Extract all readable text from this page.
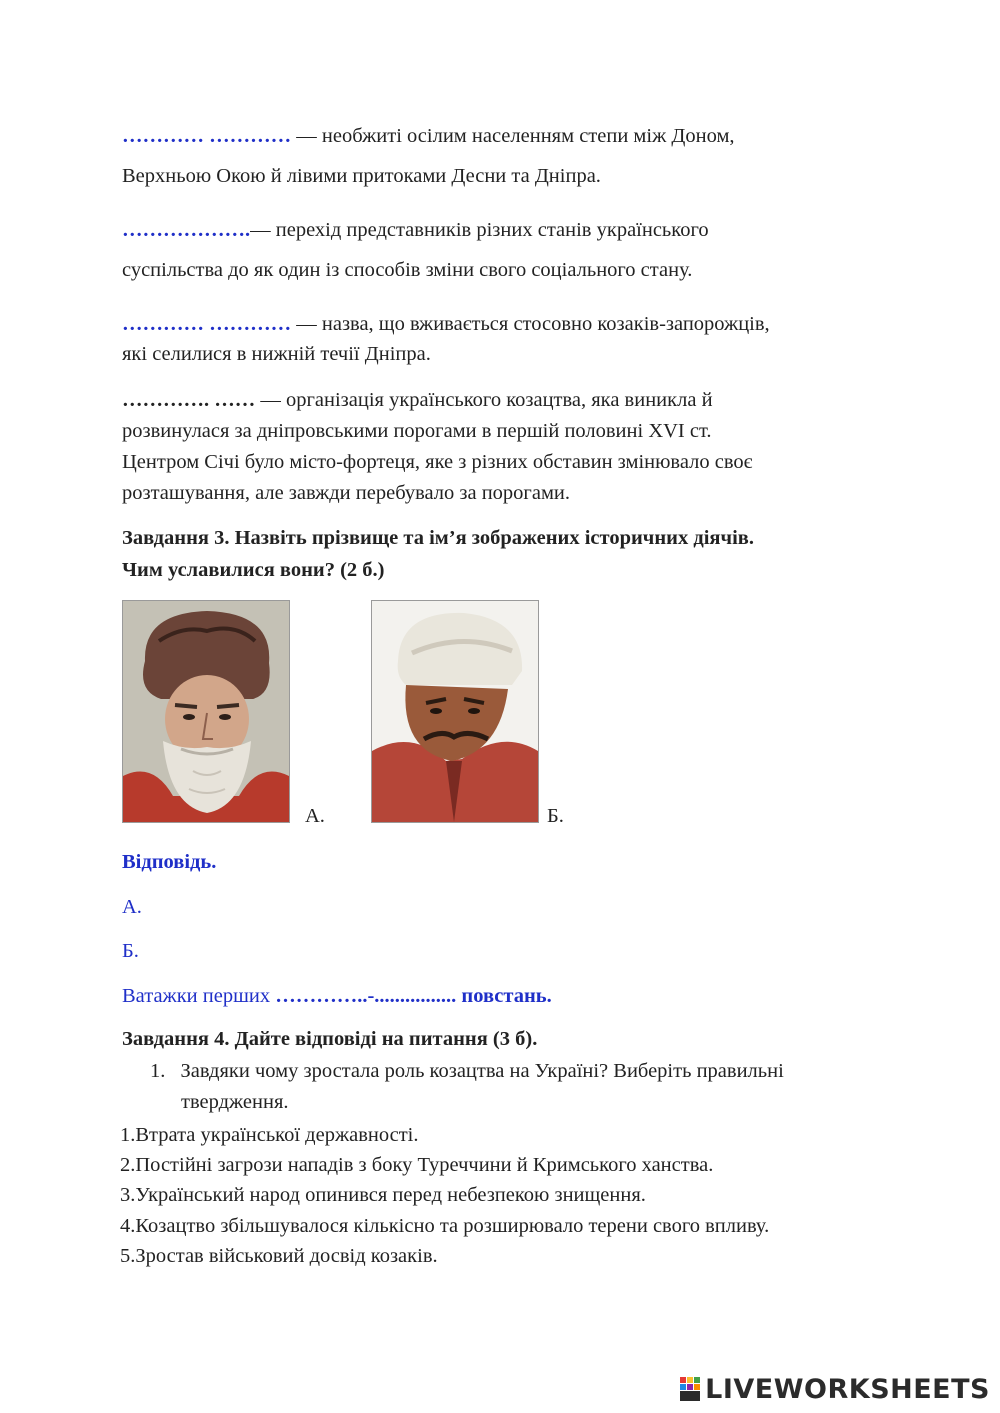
………… ………… — необжиті осілим населенням степи між Доном,
Верхньою Окою й лівими притоками Десни та Дніпра.
……………….— перехід представників різних станів українського
суспільства до як один із способів зміни свого соціального стану.
………… ………… — назва, що вживається стосовно козаків-запорожців,
які селилися в нижній течії Дніпра.
…………. …… — організація українського козацтва, яка виникла й
розвинулася за дніпровськими порогами в першій половині XVI ст.
Центром Січі було місто-фортеця, яке з різних обставин змінювало своє
розташування, але завжди перебувало за порогами.
Завдання 3. Назвіть прізвище та ім’я зображених історичних діячів.
Чим уславилися вони? (2 б.)
А.	Б.
Відповідь.
А.
Б.
Ватажки перших …………..-................ повстань.
Завдання 4. Дайте відповіді на питання (3 б).
1. Завдяки чому зростала роль козацтва на Україні? Виберіть правильні
твердження.
1.Втрата української державності.
2.Постійні загрози нападів з боку Туреччини й Кримського ханства.
3.Український народ опинився перед небезпекою знищення.
4.Козацтво збільшувалося кількісно та розширювало терени свого впливу.
5.Зростав військовий досвід козаків.
LIVEWORKSHEETS
